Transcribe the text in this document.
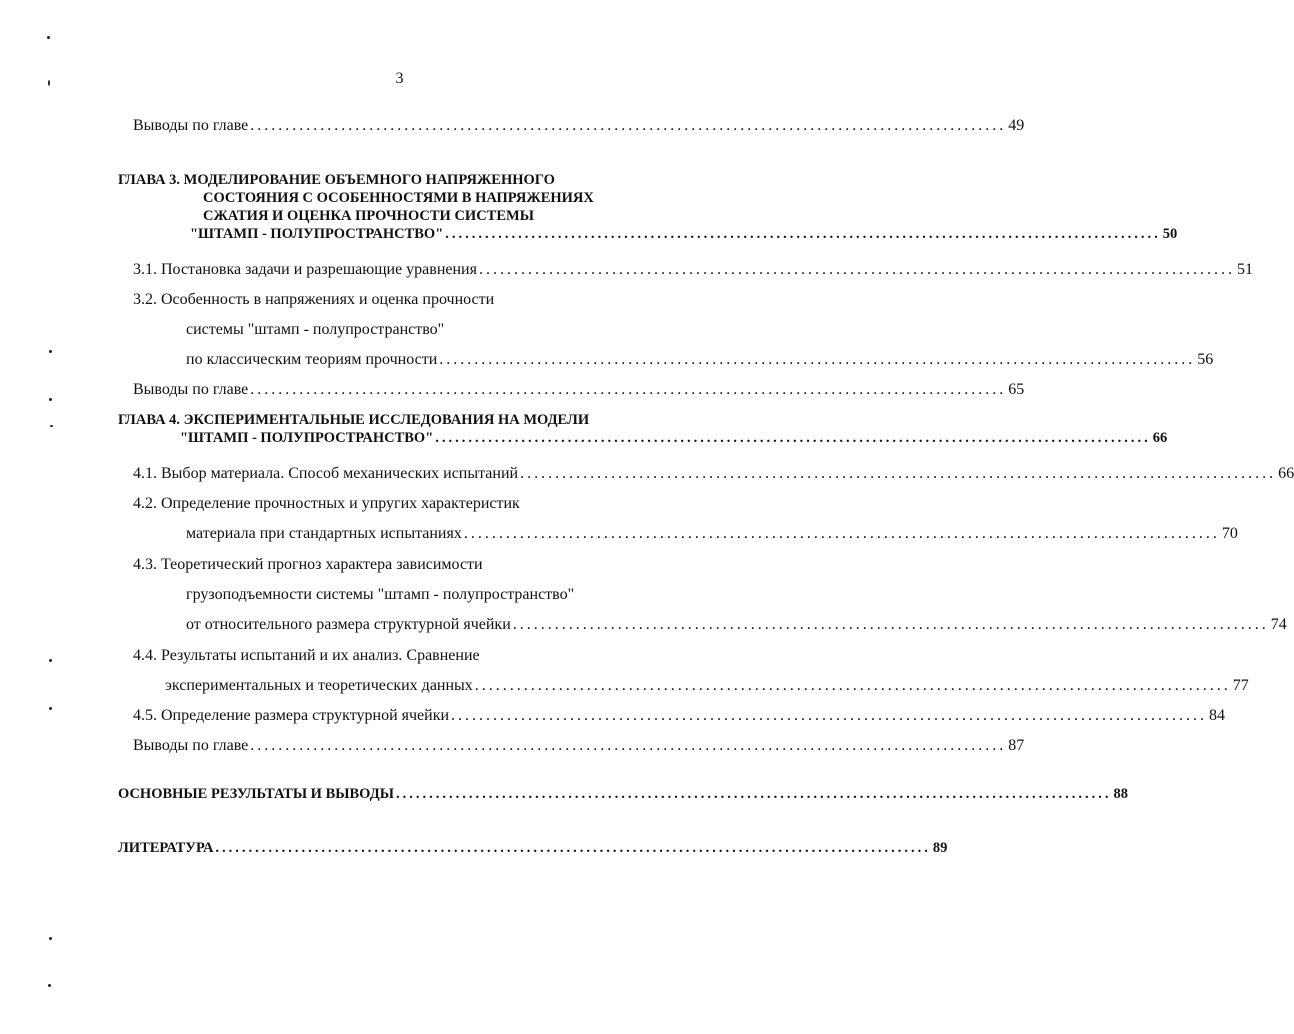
3
Выводы по главе ............................................................................................................ 49
ГЛАВА 3. МОДЕЛИРОВАНИЕ ОБЪЕМНОГО НАПРЯЖЕННОГО
СОСТОЯНИЯ С ОСОБЕННОСТЯМИ В НАПРЯЖЕНИЯХ
СЖАТИЯ И ОЦЕНКА ПРОЧНОСТИ СИСТЕМЫ
"ШТАМП - ПОЛУПРОСТРАНСТВО" ............................................................................................................ 50
3.1. Постановка задачи и разрешающие уравнения ............................................................................................................ 51
3.2. Особенность в напряжениях и оценка прочности
системы "штамп - полупространство"
по классическим теориям прочности ............................................................................................................ 56
Выводы по главе ............................................................................................................ 65
ГЛАВА 4. ЭКСПЕРИМЕНТАЛЬНЫЕ ИССЛЕДОВАНИЯ НА МОДЕЛИ
"ШТАМП - ПОЛУПРОСТРАНСТВО" ............................................................................................................ 66
4.1. Выбор материала. Способ механических испытаний ............................................................................................................ 66
4.2. Определение прочностных и упругих характеристик
материала при стандартных испытаниях ............................................................................................................ 70
4.3. Теоретический прогноз характера зависимости
грузоподъемности системы "штамп - полупространство"
от относительного размера структурной ячейки ............................................................................................................ 74
4.4. Результаты испытаний и их анализ. Сравнение
экспериментальных и теоретических данных ............................................................................................................ 77
4.5. Определение размера структурной ячейки ............................................................................................................ 84
Выводы по главе ............................................................................................................ 87
ОСНОВНЫЕ РЕЗУЛЬТАТЫ И ВЫВОДЫ ............................................................................................................ 88
ЛИТЕРАТУРА ............................................................................................................ 89
